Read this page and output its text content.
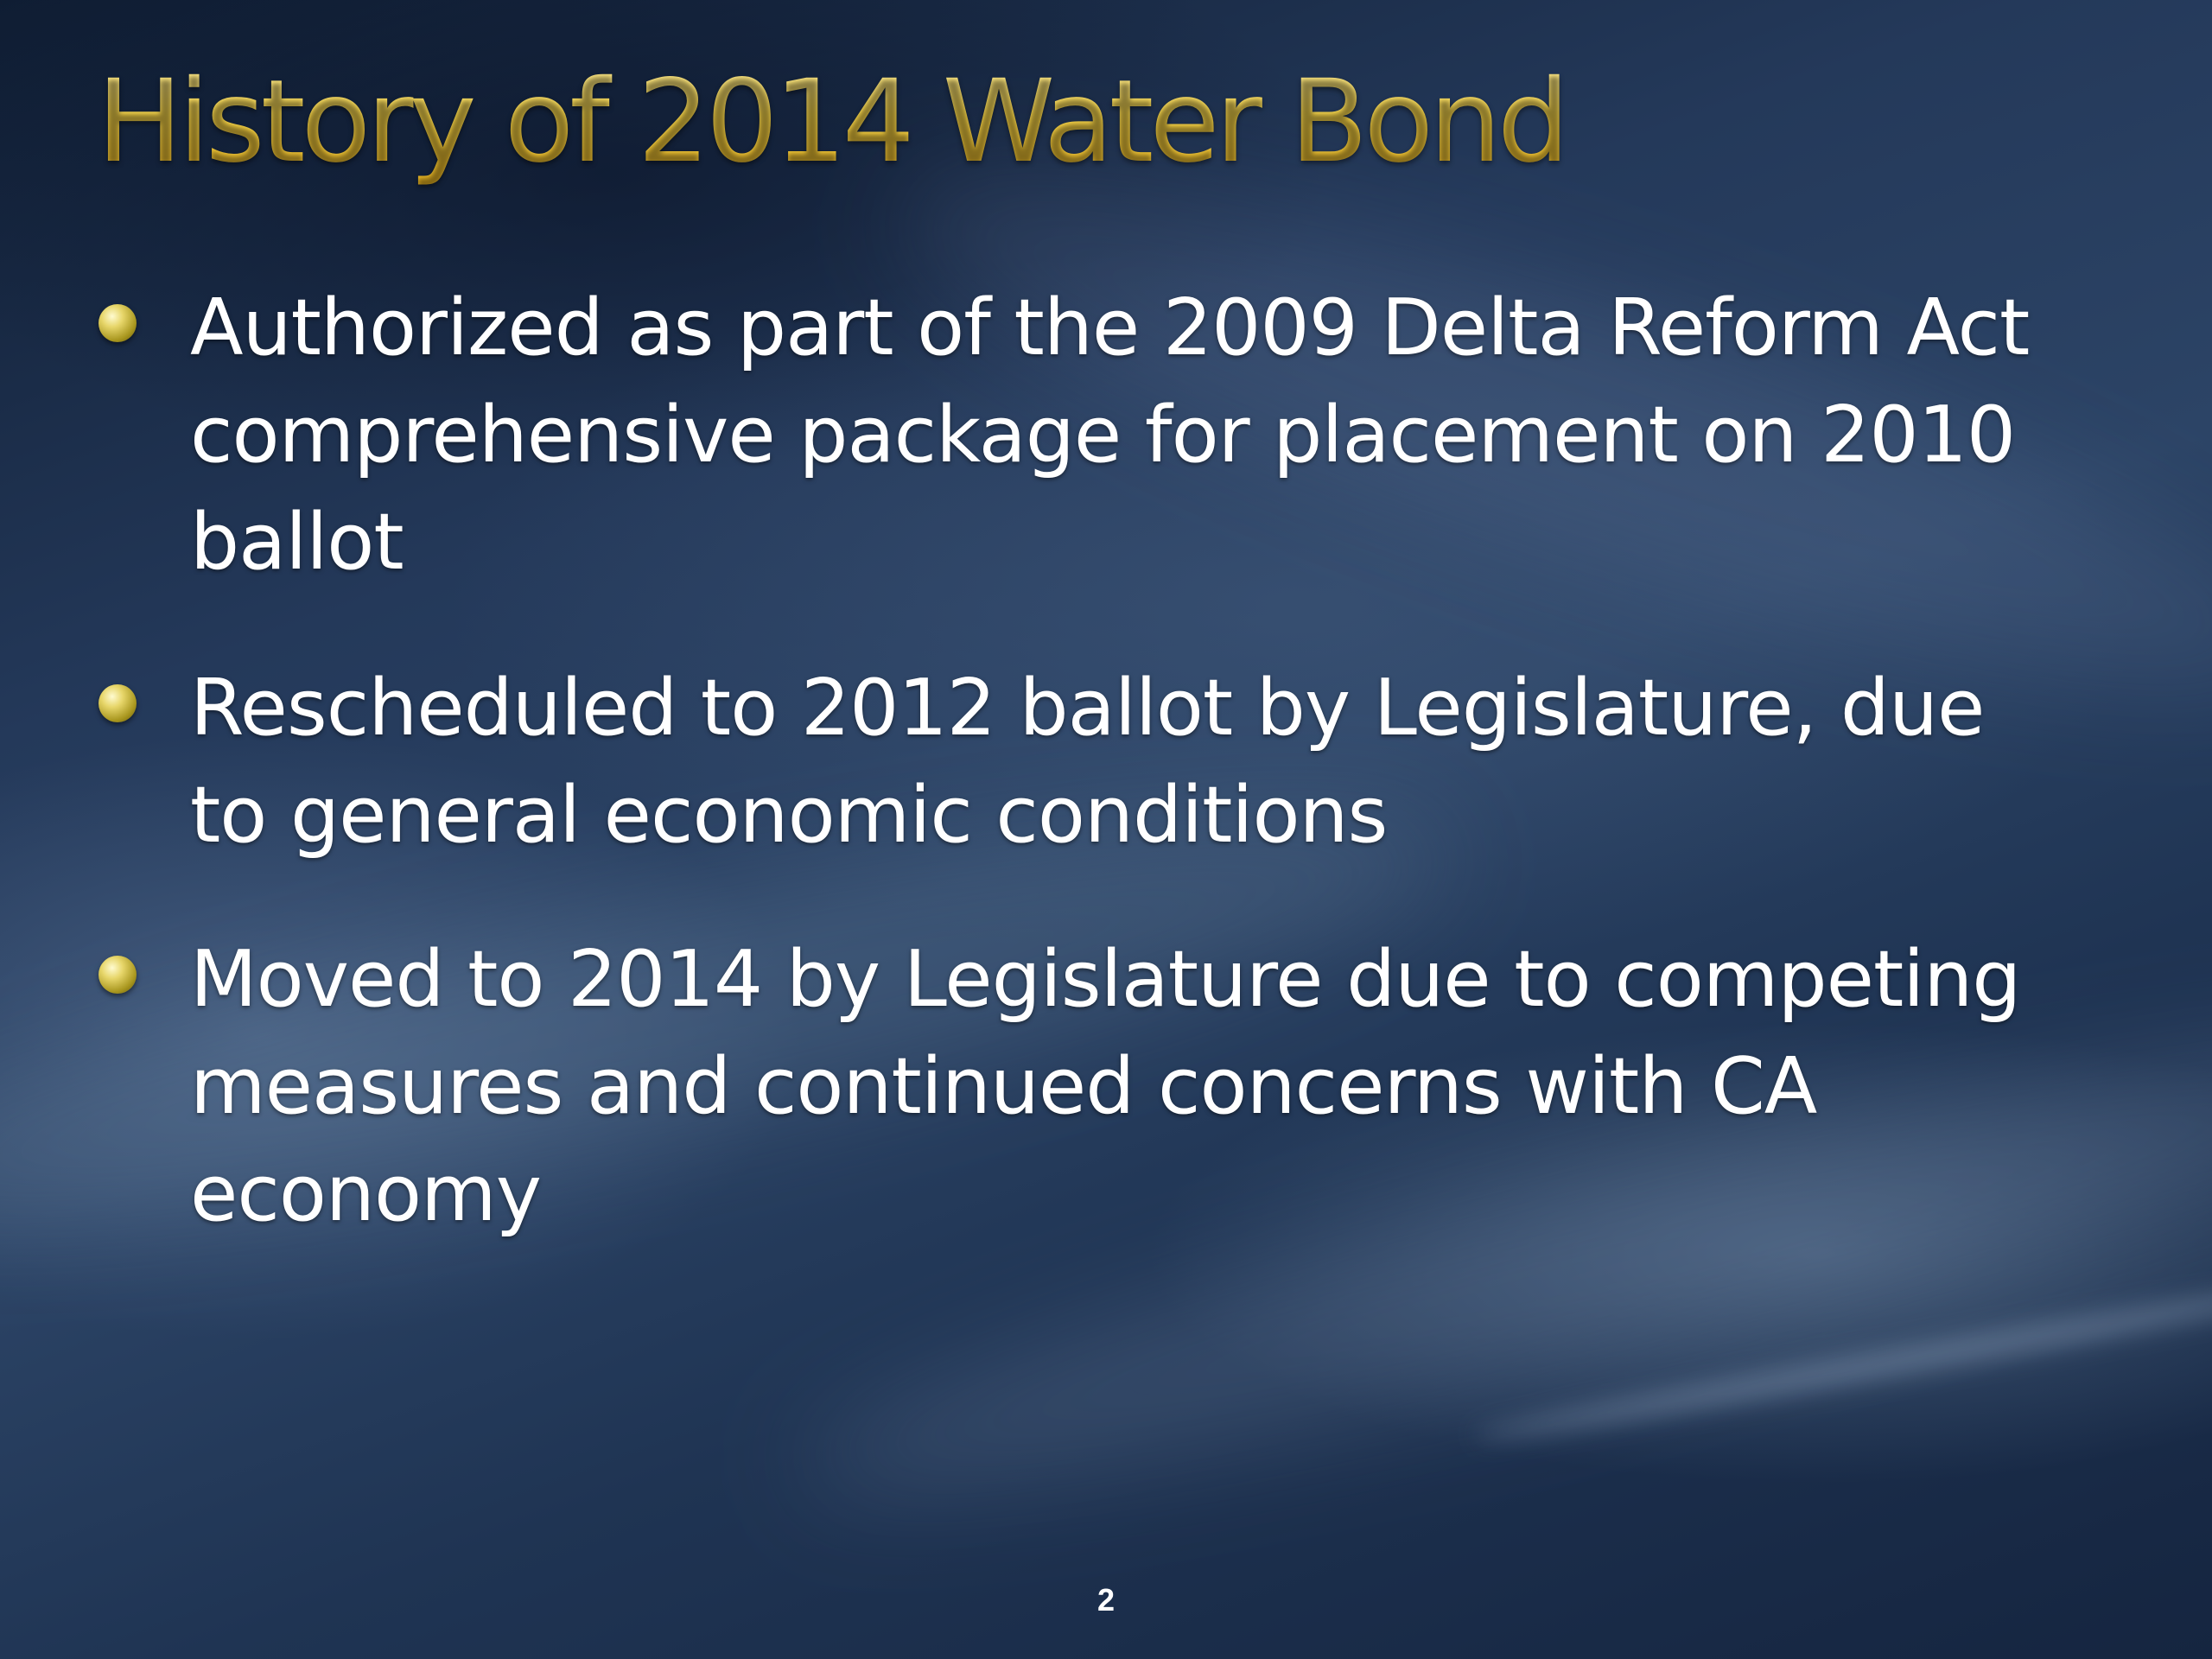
History of 2014 Water Bond
Authorized as part of the 2009 Delta Reform Act
comprehensive package for placement on 2010
ballot
Rescheduled to 2012 ballot by Legislature, due
to general economic conditions
Moved to 2014 by Legislature due to competing
measures and continued concerns with CA
economy
2
